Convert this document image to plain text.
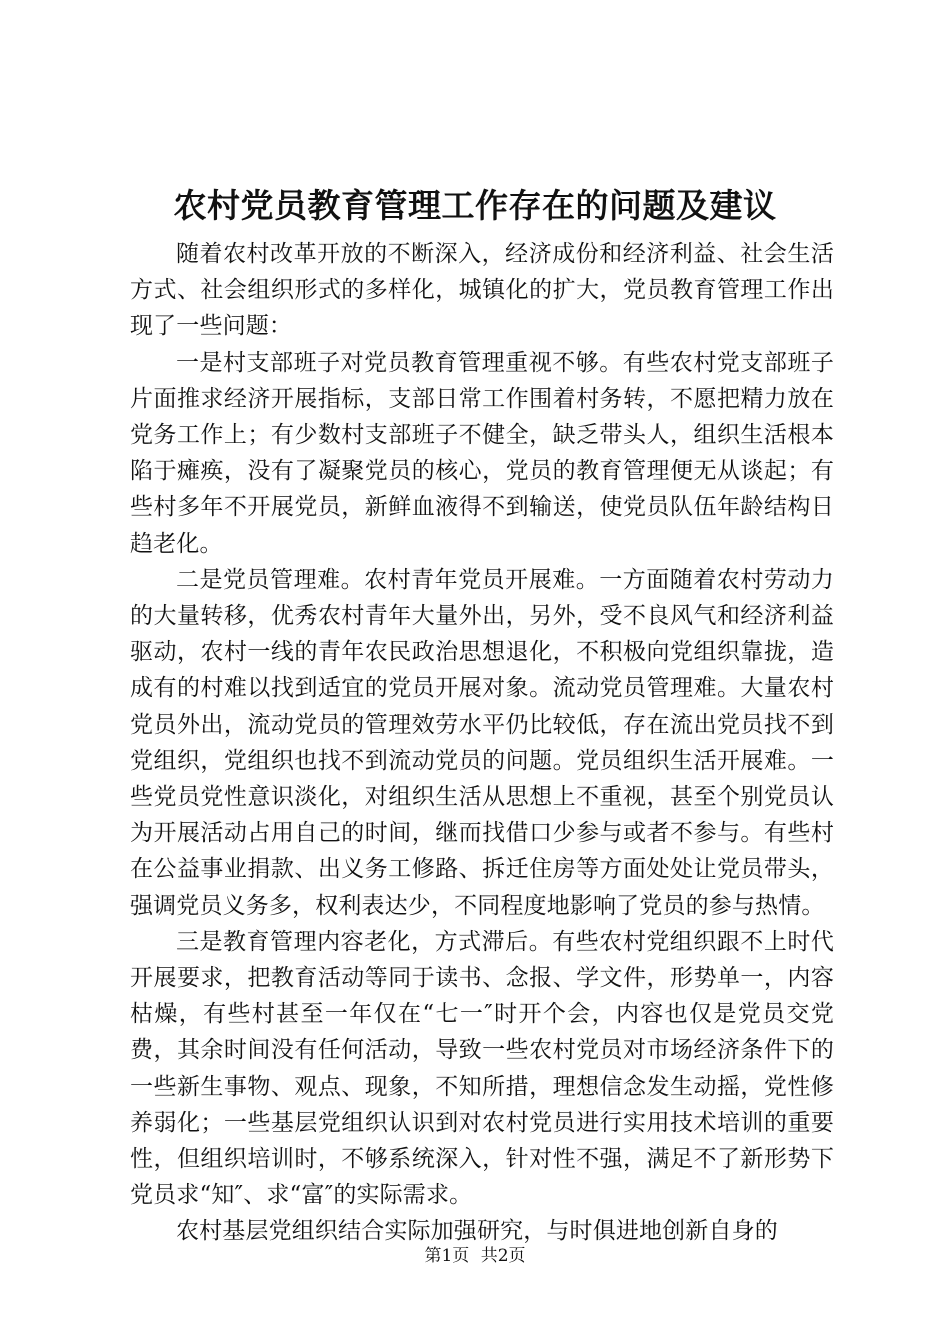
农村党员教育管理工作存在的问题及建议

随着农村改革开放的不断深入，经济成份和经济利益、社会生活方式、社会组织形式的多样化，城镇化的扩大，党员教育管理工作出现了一些问题：

一是村支部班子对党员教育管理重视不够。有些农村党支部班子片面推求经济开展指标，支部日常工作围着村务转，不愿把精力放在党务工作上；有少数村支部班子不健全，缺乏带头人，组织生活根本陷于瘫痪，没有了凝聚党员的核心，党员的教育管理便无从谈起；有些村多年不开展党员，新鲜血液得不到输送，使党员队伍年龄结构日趋老化。

二是党员管理难。农村青年党员开展难。一方面随着农村劳动力的大量转移，优秀农村青年大量外出，另外，受不良风气和经济利益驱动，农村一线的青年农民政治思想退化，不积极向党组织靠拢，造成有的村难以找到适宜的党员开展对象。流动党员管理难。大量农村党员外出，流动党员的管理效劳水平仍比较低，存在流出党员找不到党组织，党组织也找不到流动党员的问题。党员组织生活开展难。一些党员党性意识淡化，对组织生活从思想上不重视，甚至个别党员认为开展活动占用自己的时间，继而找借口少参与或者不参与。有些村在公益事业捐款、出义务工修路、拆迁住房等方面处处让党员带头，强调党员义务多，权利表达少，不同程度地影响了党员的参与热情。

三是教育管理内容老化，方式滞后。有些农村党组织跟不上时代开展要求，把教育活动等同于读书、念报、学文件，形势单一，内容枯燥，有些村甚至一年仅在“七一″时开个会，内容也仅是党员交党费，其余时间没有任何活动，导致一些农村党员对市场经济条件下的一些新生事物、观点、现象，不知所措，理想信念发生动摇，党性修养弱化；一些基层党组织认识到对农村党员进行实用技术培训的重要性，但组织培训时，不够系统深入，针对性不强，满足不了新形势下党员求“知″、求“富″的实际需求。

农村基层党组织结合实际加强研究，与时俱进地创新自身的

第1页 共2页
